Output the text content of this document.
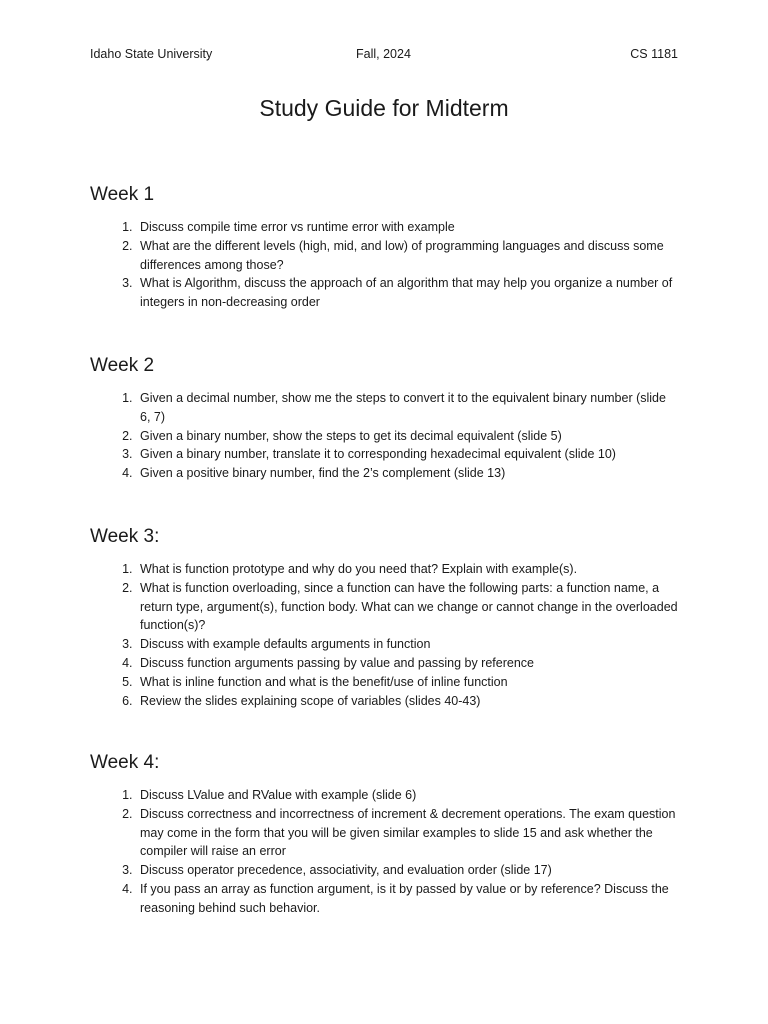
Idaho State University	Fall, 2024	CS 1181
Study Guide for Midterm
Week 1
1. Discuss compile time error vs runtime error with example
2. What are the different levels (high, mid, and low) of programming languages and discuss some differences among those?
3. What is Algorithm, discuss the approach of an algorithm that may help you organize a number of integers in non-decreasing order
Week 2
1. Given a decimal number, show me the steps to convert it to the equivalent binary number (slide 6, 7)
2. Given a binary number, show the steps to get its decimal equivalent (slide 5)
3. Given a binary number, translate it to corresponding hexadecimal equivalent (slide 10)
4. Given a positive binary number, find the 2’s complement (slide 13)
Week 3:
1. What is function prototype and why do you need that? Explain with example(s).
2. What is function overloading, since a function can have the following parts: a function name, a return type, argument(s), function body. What can we change or cannot change in the overloaded function(s)?
3. Discuss with example defaults arguments in function
4. Discuss function arguments passing by value and passing by reference
5. What is inline function and what is the benefit/use of inline function
6. Review the slides explaining scope of variables (slides 40-43)
Week 4:
1. Discuss LValue and RValue with example (slide 6)
2. Discuss correctness and incorrectness of increment & decrement operations. The exam question may come in the form that you will be given similar examples to slide 15 and ask whether the compiler will raise an error
3. Discuss operator precedence, associativity, and evaluation order (slide 17)
4. If you pass an array as function argument, is it by passed by value or by reference? Discuss the reasoning behind such behavior.
